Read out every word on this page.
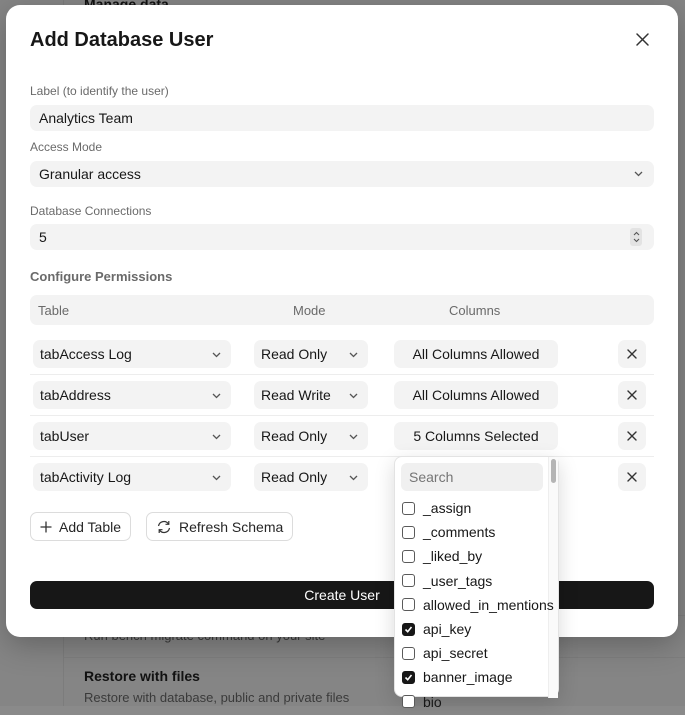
Restore with files
Restore with database, public and private files
Add Database User
Label (to identify the user)
Analytics Team
Access Mode
Granular access
Database Connections
5
Configure Permissions
Table	Mode	Columns
tabAccess Log	Read Only	All Columns Allowed
tabAddress	Read Write	All Columns Allowed
tabUser	Read Only	5 Columns Selected
tabActivity Log	Read Only
Add Table	Refresh Schema
Create User
Search
_assign
_comments
_liked_by
_user_tags
allowed_in_mentions
api_key
api_secret
banner_image
bio
